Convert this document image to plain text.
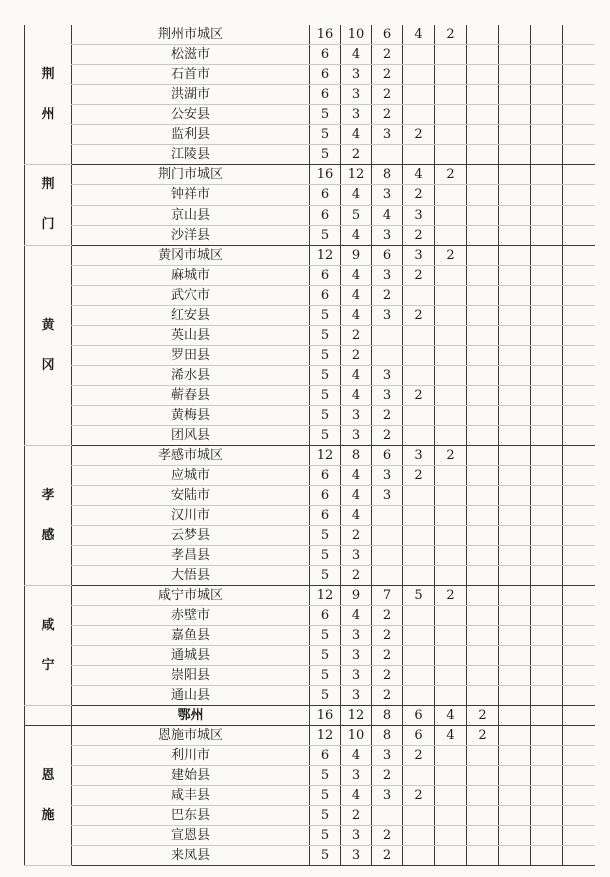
荆
州	荆州市城区	16	10	6	4	2				
	松滋市	6	4	2						
	石首市	6	3	2						
	洪湖市	6	3	2						
	公安县	5	3	2						
	监利县	5	4	3	2					
	江陵县	5	2							

荆
门	荆门市城区	16	12	8	4	2				
	钟祥市	6	4	3	2					
	京山县	6	5	4	3					
	沙洋县	5	4	3	2					

黄
冈	黄冈市城区	12	9	6	3	2				
	麻城市	6	4	3	2					
	武穴市	6	4	2						
	红安县	5	4	3	2					
	英山县	5	2							
	罗田县	5	2							
	浠水县	5	4	3						
	蕲春县	5	4	3	2					
	黄梅县	5	3	2						
	团风县	5	3	2						

孝
感	孝感市城区	12	8	6	3	2				
	应城市	6	4	3	2					
	安陆市	6	4	3						
	汉川市	6	4							
	云梦县	5	2							
	孝昌县	5	3							
	大悟县	5	2							

咸
宁	咸宁市城区	12	9	7	5	2				
	赤壁市	6	4	2						
	嘉鱼县	5	3	2						
	通城县	5	3	2						
	崇阳县	5	3	2						
	通山县	5	3	2						
	鄂州	16	12	8	6	4	2			

恩
施	恩施市城区	12	10	8	6	4	2			
	利川市	6	4	3	2					
	建始县	5	3	2						
	咸丰县	5	4	3	2					
	巴东县	5	2							
	宣恩县	5	3	2						
	来凤县	5	3	2						
